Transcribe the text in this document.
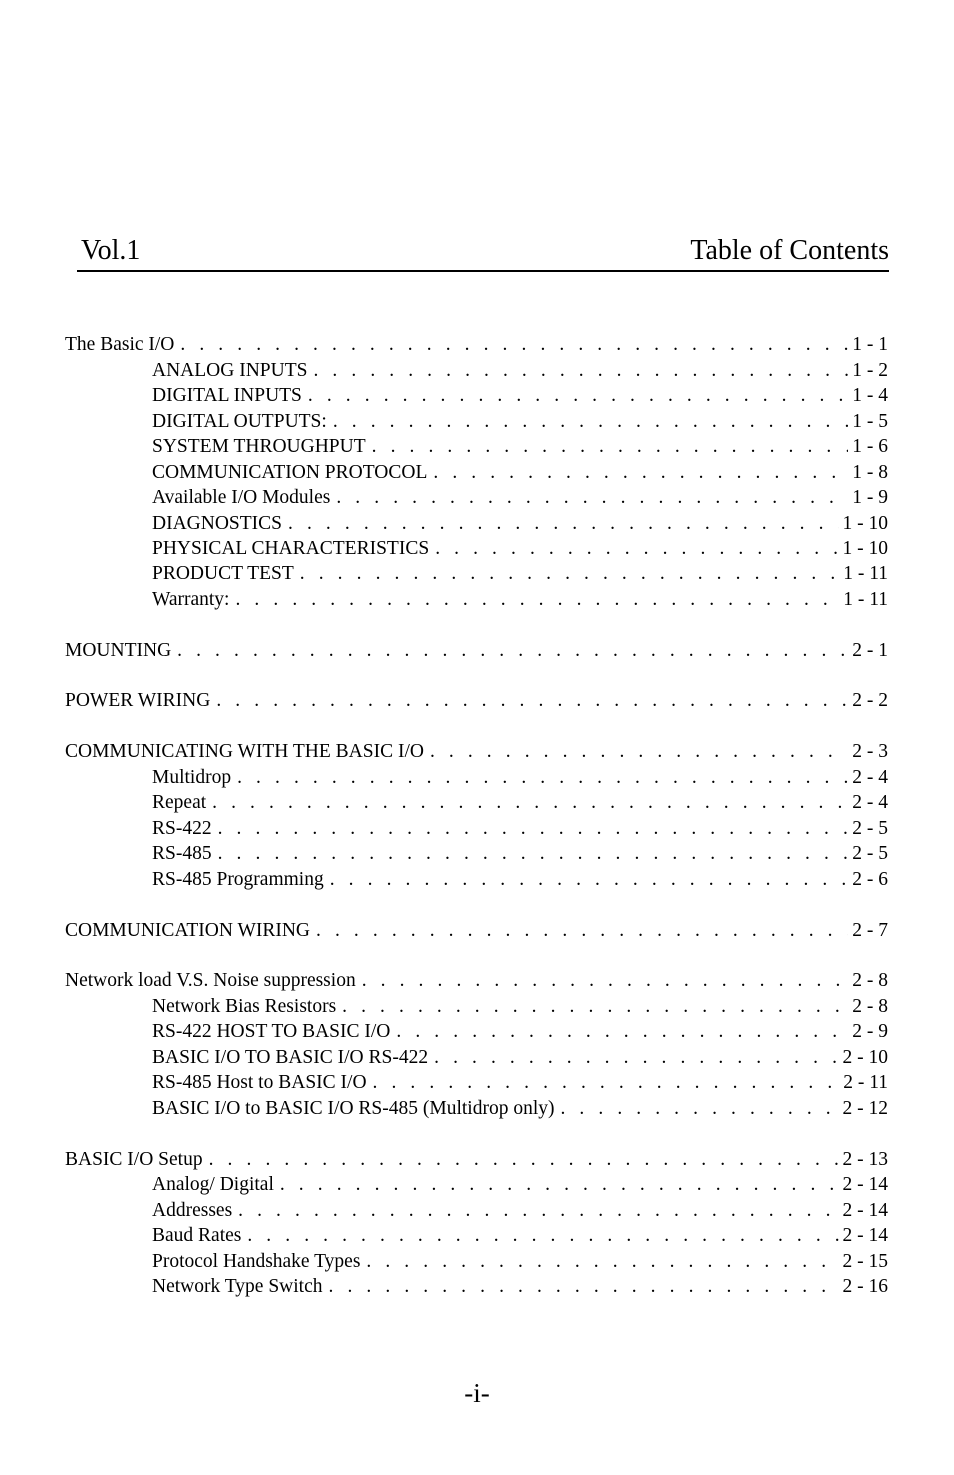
Vol.1	Table of Contents
The Basic I/O . . .	1 - 1
ANALOG INPUTS . . .	1 - 2
DIGITAL INPUTS . . .	1 - 4
DIGITAL OUTPUTS: . . .	1 - 5
SYSTEM THROUGHPUT . . .	1 - 6
COMMUNICATION PROTOCOL . . .	1 - 8
Available I/O Modules . . .	1 - 9
DIAGNOSTICS . . .	1 - 10
PHYSICAL CHARACTERISTICS . . .	1 - 10
PRODUCT TEST . . .	1 - 11
Warranty: . . .	1 - 11
MOUNTING . . .	2 - 1
POWER WIRING . . .	2 - 2
COMMUNICATING WITH THE BASIC I/O . . .	2 - 3
Multidrop . . .	2 - 4
Repeat . . .	2 - 4
RS-422 . . .	2 - 5
RS-485 . . .	2 - 5
RS-485 Programming . . .	2 - 6
COMMUNICATION WIRING . . .	2 - 7
Network load V.S. Noise suppression . . .	2 - 8
Network Bias Resistors . . .	2 - 8
RS-422 HOST TO BASIC I/O . . .	2 - 9
BASIC I/O TO BASIC I/O RS-422 . . .	2 - 10
RS-485 Host to BASIC I/O . . .	2 - 11
BASIC I/O to BASIC I/O RS-485 (Multidrop only) . . .	2 - 12
BASIC I/O Setup . . .	2 - 13
Analog/ Digital . . .	2 - 14
Addresses . . .	2 - 14
Baud Rates . . .	2 - 14
Protocol Handshake Types . . .	2 - 15
Network Type Switch . . .	2 - 16
-i-
